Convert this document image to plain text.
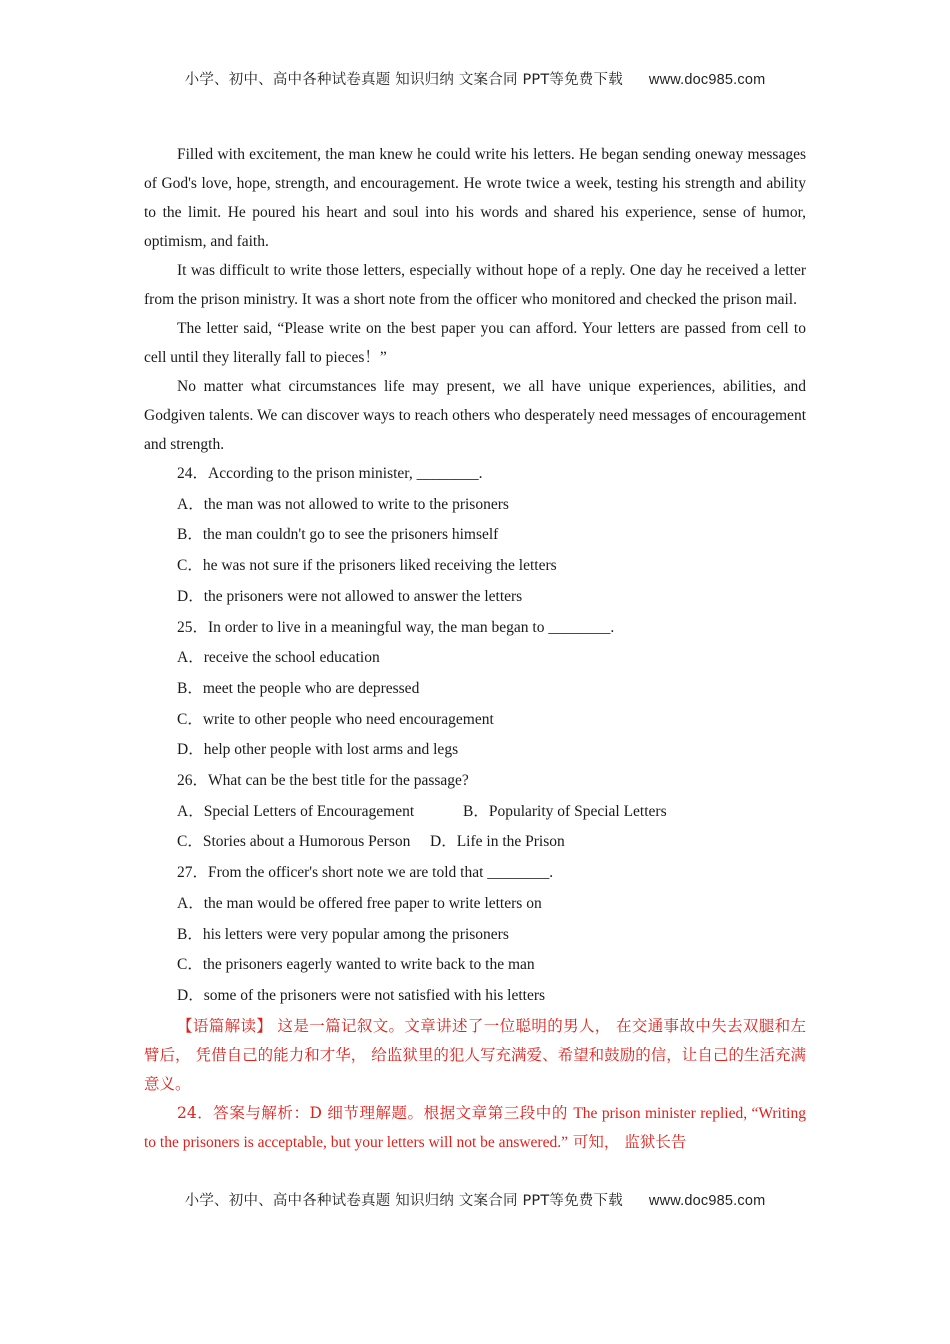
小学、初中、高中各种试卷真题 知识归纳 文案合同 PPT等免费下载 www.doc985.com

Filled with excitement, the man knew he could write his letters. He began sending oneway messages of God's love, hope, strength, and encouragement. He wrote twice a week, testing his strength and ability to the limit. He poured his heart and soul into his words and shared his experience, sense of humor, optimism, and faith.

It was difficult to write those letters, especially without hope of a reply. One day he received a letter from the prison ministry. It was a short note from the officer who monitored and checked the prison mail.

The letter said, “Please write on the best paper you can afford. Your letters are passed from cell to cell until they literally fall to pieces！”

No matter what circumstances life may present, we all have unique experiences, abilities, and Godgiven talents. We can discover ways to reach others who desperately need messages of encouragement and strength.

24．According to the prison minister, ________.

A．the man was not allowed to write to the prisoners

B．the man couldn't go to see the prisoners himself

C．he was not sure if the prisoners liked receiving the letters

D．the prisoners were not allowed to answer the letters

25．In order to live in a meaningful way, the man began to ________.

A．receive the school education

B．meet the people who are depressed

C．write to other people who need encouragement

D．help other people with lost arms and legs

26．What can be the best title for the passage?

A．Special Letters of Encouragement	B．Popularity of Special Letters

C．Stories about a Humorous Person D．Life in the Prison

27．From the officer's short note we are told that ________.

A．the man would be offered free paper to write letters on

B．his letters were very popular among the prisoners

C．the prisoners eagerly wanted to write back to the man

D．some of the prisoners were not satisfied with his letters

【语篇解读】 这是一篇记叙文。文章讲述了一位聪明的男人， 在交通事故中失去双腿和左臂后， 凭借自己的能力和才华， 给监狱里的犯人写充满爱、希望和鼓励的信，让自己的生活充满意义。

24．答案与解析：D 细节理解题。根据文章第三段中的 The prison minister replied, “Writing to the prisoners is acceptable, but your letters will not be answered.” 可知， 监狱长告

小学、初中、高中各种试卷真题 知识归纳 文案合同 PPT等免费下载 www.doc985.com
